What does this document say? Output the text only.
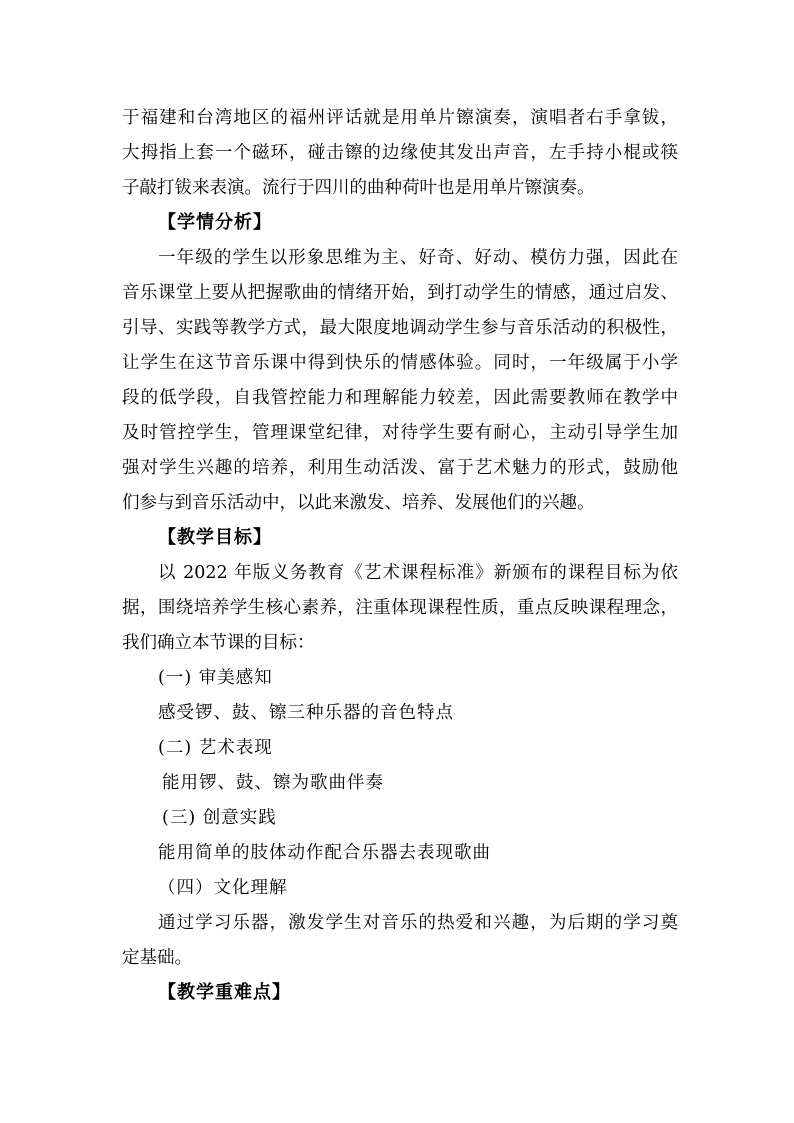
于福建和台湾地区的福州评话就是用单片镲演奏，演唱者右手拿钹，
大拇指上套一个磁环，碰击镲的边缘使其发出声音，左手持小棍或筷
子敲打钹来表演。流行于四川的曲种荷叶也是用单片镲演奏。
【学情分析】
一年级的学生以形象思维为主、好奇、好动、模仿力强，因此在
音乐课堂上要从把握歌曲的情绪开始，到打动学生的情感，通过启发、
引导、实践等教学方式，最大限度地调动学生参与音乐活动的积极性，
让学生在这节音乐课中得到快乐的情感体验。同时，一年级属于小学
段的低学段，自我管控能力和理解能力较差，因此需要教师在教学中
及时管控学生，管理课堂纪律，对待学生要有耐心，主动引导学生加
强对学生兴趣的培养，利用生动活泼、富于艺术魅力的形式，鼓励他
们参与到音乐活动中，以此来激发、培养、发展他们的兴趣。
【教学目标】
以 2022 年版义务教育《艺术课程标准》新颁布的课程目标为依
据，围绕培养学生核心素养，注重体现课程性质，重点反映课程理念，
我们确立本节课的目标：
(一) 审美感知
感受锣、鼓、镲三种乐器的音色特点
(二) 艺术表现
能用锣、鼓、镲为歌曲伴奏
(三) 创意实践
能用简单的肢体动作配合乐器去表现歌曲
（四）文化理解
通过学习乐器，激发学生对音乐的热爱和兴趣，为后期的学习奠
定基础。
【教学重难点】
